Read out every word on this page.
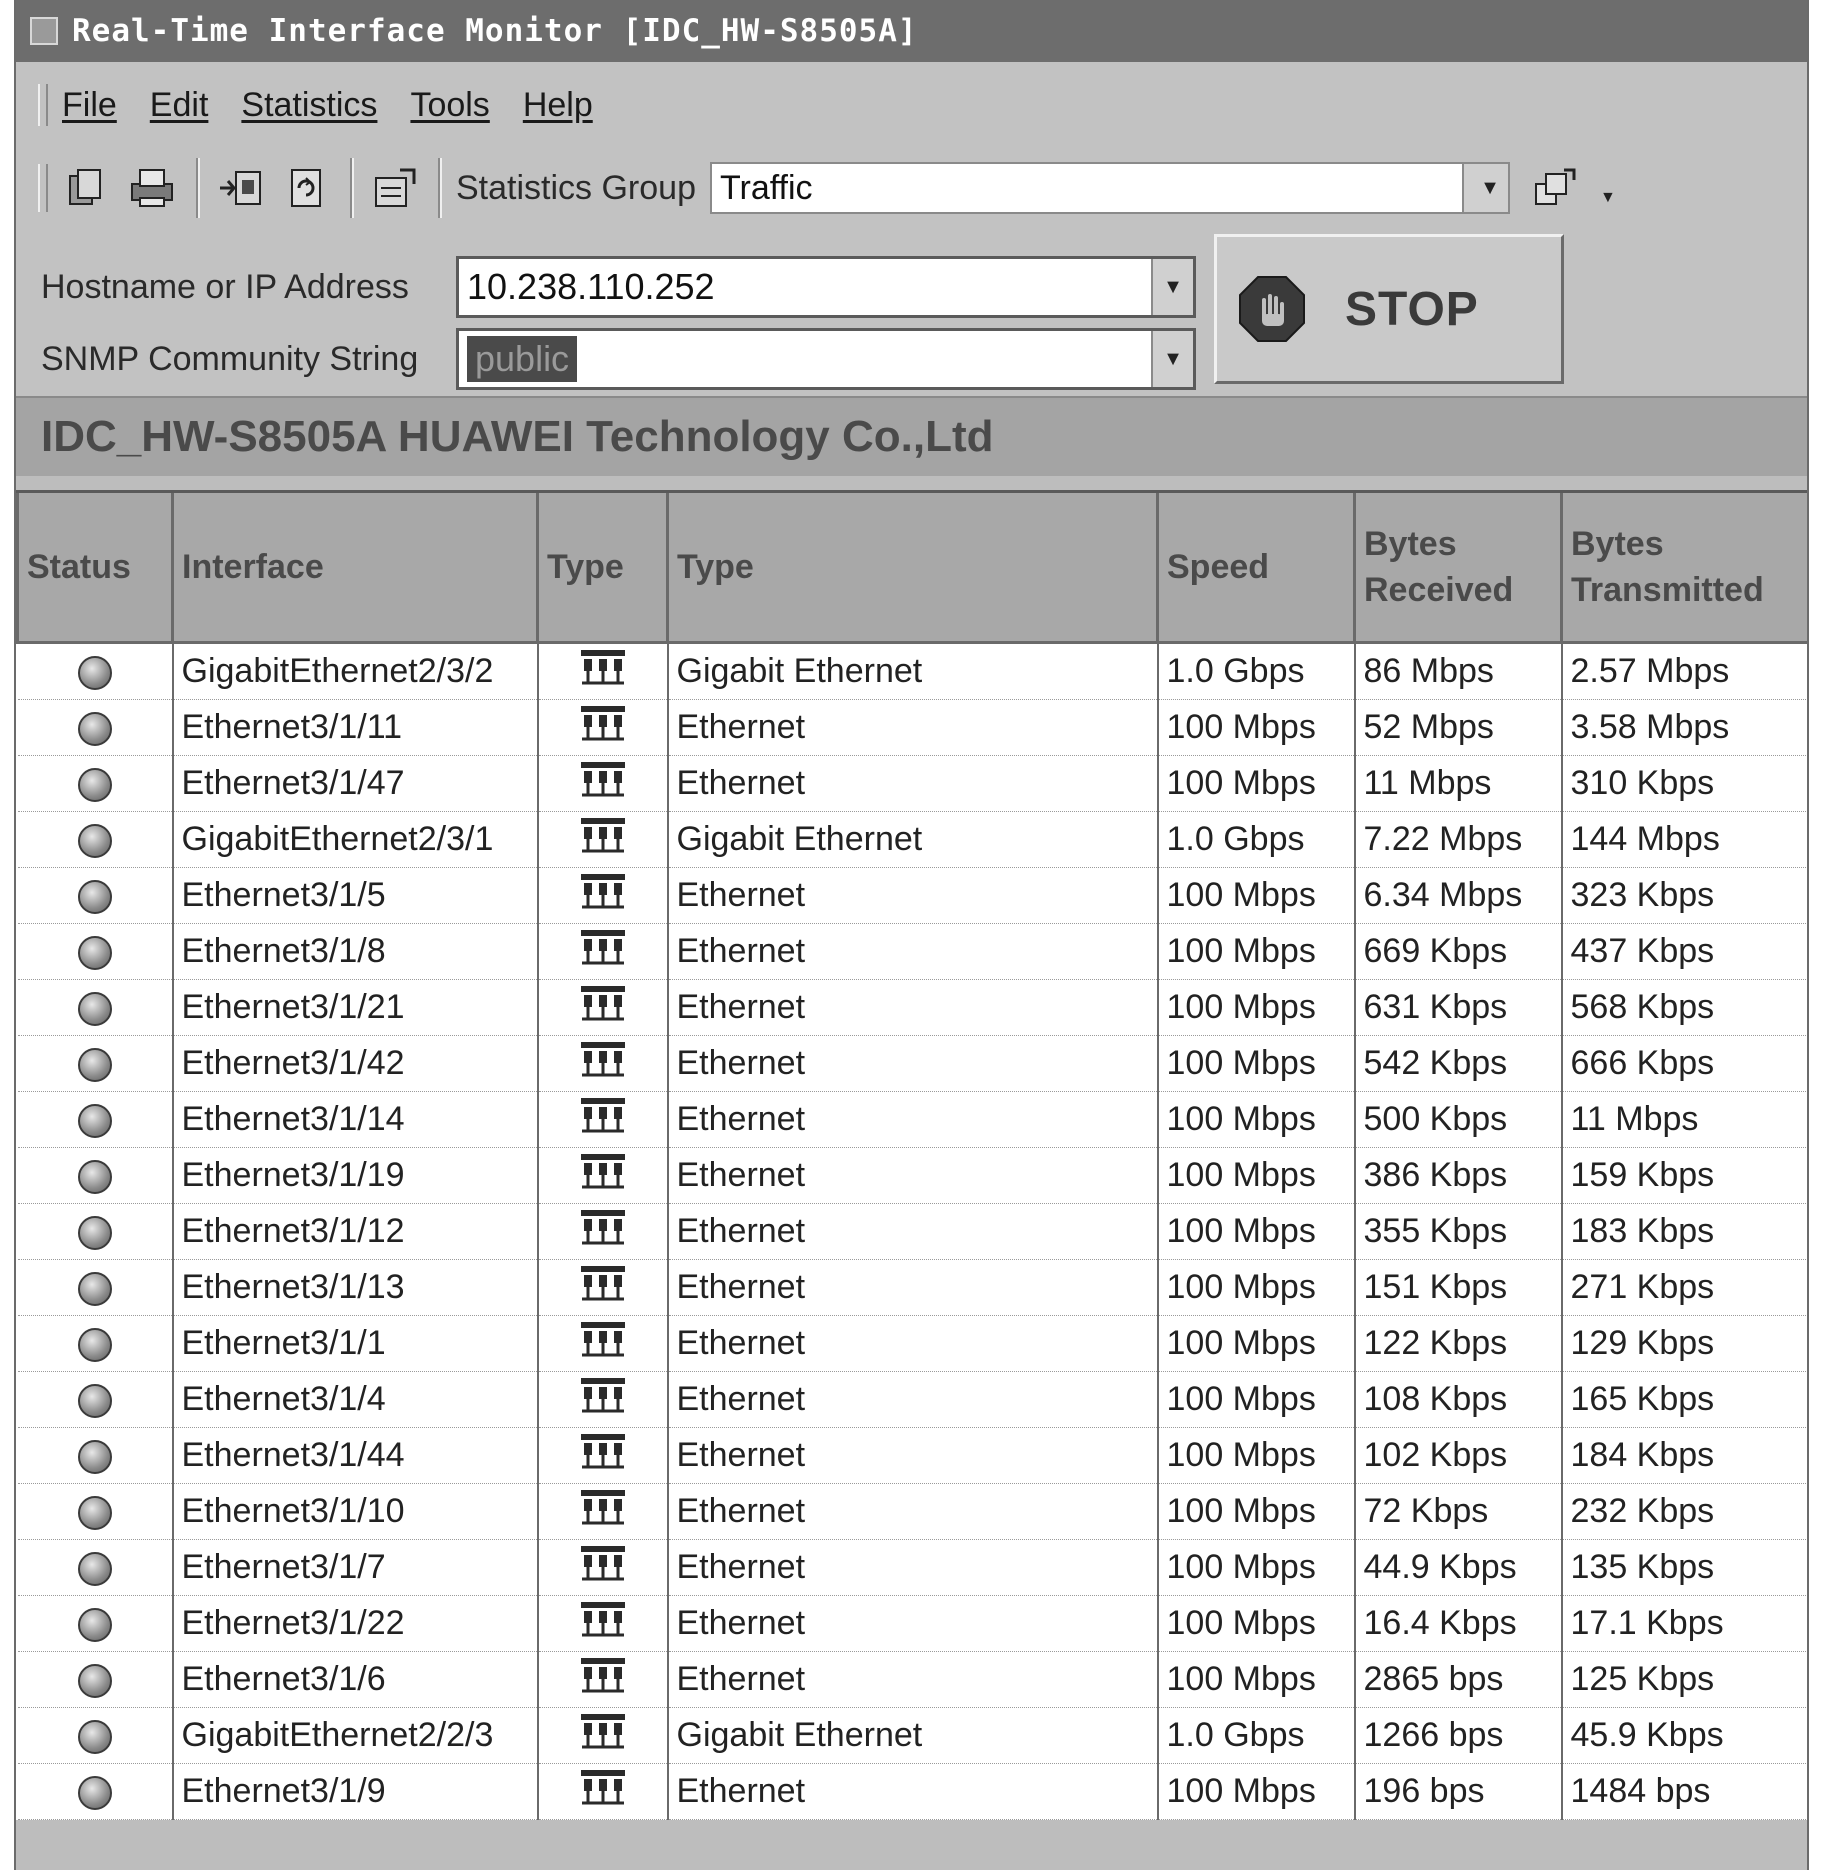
Real-Time Interface Monitor [IDC_HW-S8505A]
File Edit Statistics Tools Help
Statistics Group Traffic	▼	▼
Hostname or IP Address 10.238.110.252	▼
SNMP Community String public	▼
STOP
IDC_HW-S8505A HUAWEI Technology Co.,Ltd
Status	Interface	Type	Type	Speed	Bytes Received	Bytes Transmitted
	GigabitEthernet2/3/2		Gigabit Ethernet	1.0 Gbps	86 Mbps	2.57 Mbps
	Ethernet3/1/11		Ethernet	100 Mbps	52 Mbps	3.58 Mbps
	Ethernet3/1/47		Ethernet	100 Mbps	11 Mbps	310 Kbps
	GigabitEthernet2/3/1		Gigabit Ethernet	1.0 Gbps	7.22 Mbps	144 Mbps
	Ethernet3/1/5		Ethernet	100 Mbps	6.34 Mbps	323 Kbps
	Ethernet3/1/8		Ethernet	100 Mbps	669 Kbps	437 Kbps
	Ethernet3/1/21		Ethernet	100 Mbps	631 Kbps	568 Kbps
	Ethernet3/1/42		Ethernet	100 Mbps	542 Kbps	666 Kbps
	Ethernet3/1/14		Ethernet	100 Mbps	500 Kbps	11 Mbps
	Ethernet3/1/19		Ethernet	100 Mbps	386 Kbps	159 Kbps
	Ethernet3/1/12		Ethernet	100 Mbps	355 Kbps	183 Kbps
	Ethernet3/1/13		Ethernet	100 Mbps	151 Kbps	271 Kbps
	Ethernet3/1/1		Ethernet	100 Mbps	122 Kbps	129 Kbps
	Ethernet3/1/4		Ethernet	100 Mbps	108 Kbps	165 Kbps
	Ethernet3/1/44		Ethernet	100 Mbps	102 Kbps	184 Kbps
	Ethernet3/1/10		Ethernet	100 Mbps	72 Kbps	232 Kbps
	Ethernet3/1/7		Ethernet	100 Mbps	44.9 Kbps	135 Kbps
	Ethernet3/1/22		Ethernet	100 Mbps	16.4 Kbps	17.1 Kbps
	Ethernet3/1/6		Ethernet	100 Mbps	2865 bps	125 Kbps
	GigabitEthernet2/2/3		Gigabit Ethernet	1.0 Gbps	1266 bps	45.9 Kbps
	Ethernet3/1/9		Ethernet	100 Mbps	196 bps	1484 bps
